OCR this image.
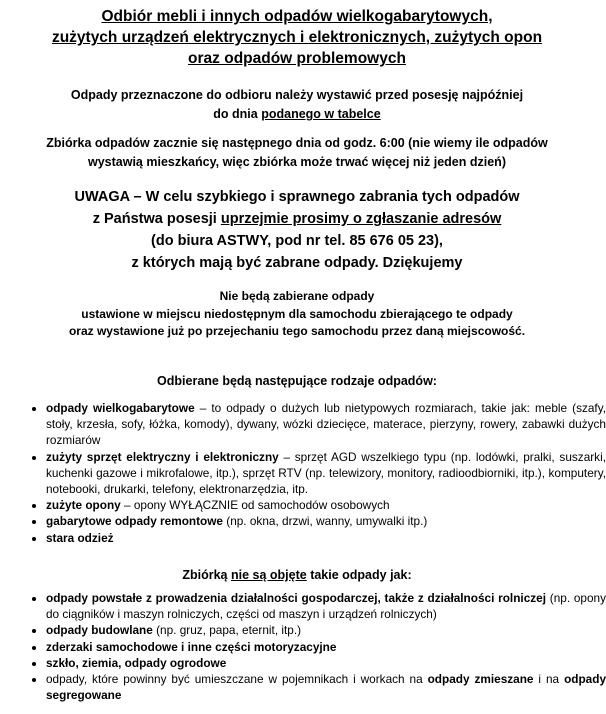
Odbiór mebli i innych odpadów wielkogabarytowych,
zużytych urządzeń elektrycznych i elektronicznych, zużytych opon
oraz odpadów problemowych
Odpady przeznaczone do odbioru należy wystawić przed posesję najpóźniej
do dnia podanego w tabelce
Zbiórka odpadów zacznie się następnego dnia od godz. 6:00 (nie wiemy ile odpadów
wystawią mieszkańcy, więc zbiórka może trwać więcej niż jeden dzień)
UWAGA – W celu szybkiego i sprawnego zabrania tych odpadów
z Państwa posesji uprzejmie prosimy o zgłaszanie adresów
(do biura ASTWY, pod nr tel. 85 676 05 23),
z których mają być zabrane odpady. Dziękujemy
Nie będą zabierane odpady
ustawione w miejscu niedostępnym dla samochodu zbierającego te odpady
oraz wystawione już po przejechaniu tego samochodu przez daną miejscowość.
Odbierane będą następujące rodzaje odpadów:
• odpady wielkogabarytowe – to odpady o dużych lub nietypowych rozmiarach, takie jak: meble (szafy, stoły, krzesła, sofy, łóżka, komody), dywany, wózki dziecięce, materace, pierzyny, rowery, zabawki dużych rozmiarów
• zużyty sprzęt elektryczny i elektroniczny – sprzęt AGD wszelkiego typu (np. lodówki, pralki, suszarki, kuchenki gazowe i mikrofalowe, itp.), sprzęt RTV (np. telewizory, monitory, radioodbiorniki, itp.), komputery, notebooki, drukarki, telefony, elektronarzędzia, itp.
• zużyte opony – opony WYŁĄCZNIE od samochodów osobowych
• gabarytowe odpady remontowe (np. okna, drzwi, wanny, umywalki itp.)
• stara odzież
Zbiórką nie są objęte takie odpady jak:
• odpady powstałe z prowadzenia działalności gospodarczej, także z działalności rolniczej (np. opony do ciągników i maszyn rolniczych, części od maszyn i urządzeń rolniczych)
• odpady budowlane (np. gruz, papa, eternit, itp.)
• zderzaki samochodowe i inne części motoryzacyjne
• szkło, ziemia, odpady ogrodowe
• odpady, które powinny być umieszczane w pojemnikach i workach na odpady zmieszane i na odpady segregowane
